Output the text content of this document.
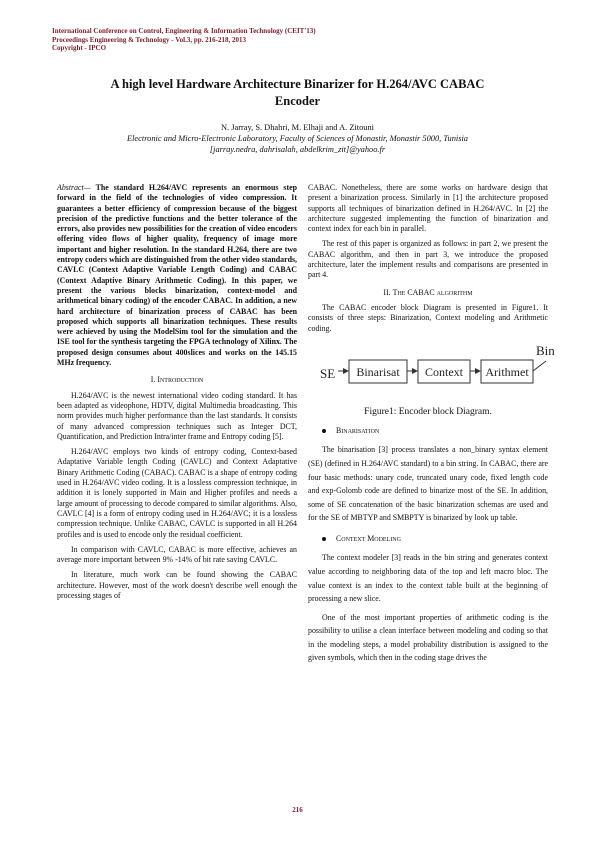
International Conference on Control, Engineering & Information Technology (CEIT'13)
Proceedings Engineering & Technology - Vol.3, pp. 216-218, 2013
Copyright - IPCO
A high level Hardware Architecture Binarizer for H.264/AVC CABAC
Encoder
N. Jarray, S. Dhahri, M. Elhaji and A. Zitouni
Electronic and Micro-Electronic Laboratory, Faculty of Sciences of Monastir, Monastir 5000, Tunisia
[jarray.nedra, dahrisalah, abdelkrim_zit]@yahoo.fr

Abstract— The standard H.264/AVC represents an enormous step forward in the field of the technologies of video compression. It guarantees a better efficiency of compression because of the biggest precision of the predictive functions and the better tolerance of the errors, also provides new possibilities for the creation of video encoders offering video flows of higher quality, frequency of image more important and higher resolution. In the standard H.264, there are two entropy coders which are distinguished from the other video standards, CAVLC (Context Adaptive Variable Length Coding) and CABAC (Context Adaptive Binary Arithmetic Coding). In this paper, we present the various blocks binarization, context-model and arithmetical binary coding) of the encoder CABAC. In addition, a new hard architecture of binarization process of CABAC has been proposed which supports all binarization techniques. These results were achieved by using the ModelSim tool for the simulation and the ISE tool for the synthesis targeting the FPGA technology of Xilinx. The proposed design consumes about 400slices and works on the 145.15 MHz frequency.

I. Introduction

H.264/AVC is the newest international video coding standard. It has been adapted as videophone, HDTV, digital Multimedia broadcasting. This norm provides much higher performance than the last standards. It consists of many advanced compression techniques such as Integer DCT, Quantification, and Prediction Intra/inter frame and Entropy coding [5].

H.264/AVC employs two kinds of entropy coding, Context-based Adaptative Variable length Coding (CAVLC) and Context Adaptative Binary Arithmetic Coding (CABAC). CABAC is a shape of entropy coding used in H.264/AVC video coding. It is a lossless compression technique, in addition it is lonely supported in Main and Higher profiles and needs a large amount of processing to decode compared to similar algorithms. Also, CAVLC [4] is a form of entropy coding used in H.264/AVC; it is a lossless compression technique. Unlike CABAC, CAVLC is supported in all H.264 profiles and is used to encode only the residual coefficient.

In comparison with CAVLC, CABAC is more effective, achieves an average more important between 9% -14% of bit rate saving CAVLC.

In literature, much work can be found showing the CABAC architecture. However, most of the work doesn't describe well enough the processing stages of

CABAC. Nonetheless, there are some works on hardware design that present a binarization process. Similarly in [1] the architecture proposed supports all techniques of binarization defined in H.264/AVC. In [2] the architecture suggested implementing the function of binarization and context index for each bin in parallel.

The rest of this paper is organized as follows: in part 2, we present the CABAC algorithm, and then in part 3, we introduce the proposed architecture, later the implement results and comparisons are presented in part 4.

II. The CABAC algorithm

The CABAC encoder block Diagram is presented in Figure1. It consists of three steps: Binarization, Context modeling and Arithmetic coding.

SE Binarisat Context Arithmet
Bin
Figure1: Encoder block Diagram.
Binarisation

The binarisation [3] process translates a non_binary syntax element (SE) (defined in H.264/AVC standard) to a bin string. In CABAC, there are four basic methods: unary code, truncated unary code, fixed length code and exp-Golomb code are defined to binarize most of the SE. In addition, some of SE concatenation of the basic binarization schemas are used and for the SE of MBTYP and SMBPTY is binarized by look up table.

Context Modeling

The context modeler [3] reads in the bin string and generates context value according to neighboring data of the top and left macro bloc. The value context is an index to the context table built at the beginning of processing a new slice.

One of the most important properties of arithmetic coding is the possibility to utilise a clean interface between modeling and coding so that in the modeling steps, a model probability distribution is assigned to the given symbols, which then in the coding stage drives the

216
